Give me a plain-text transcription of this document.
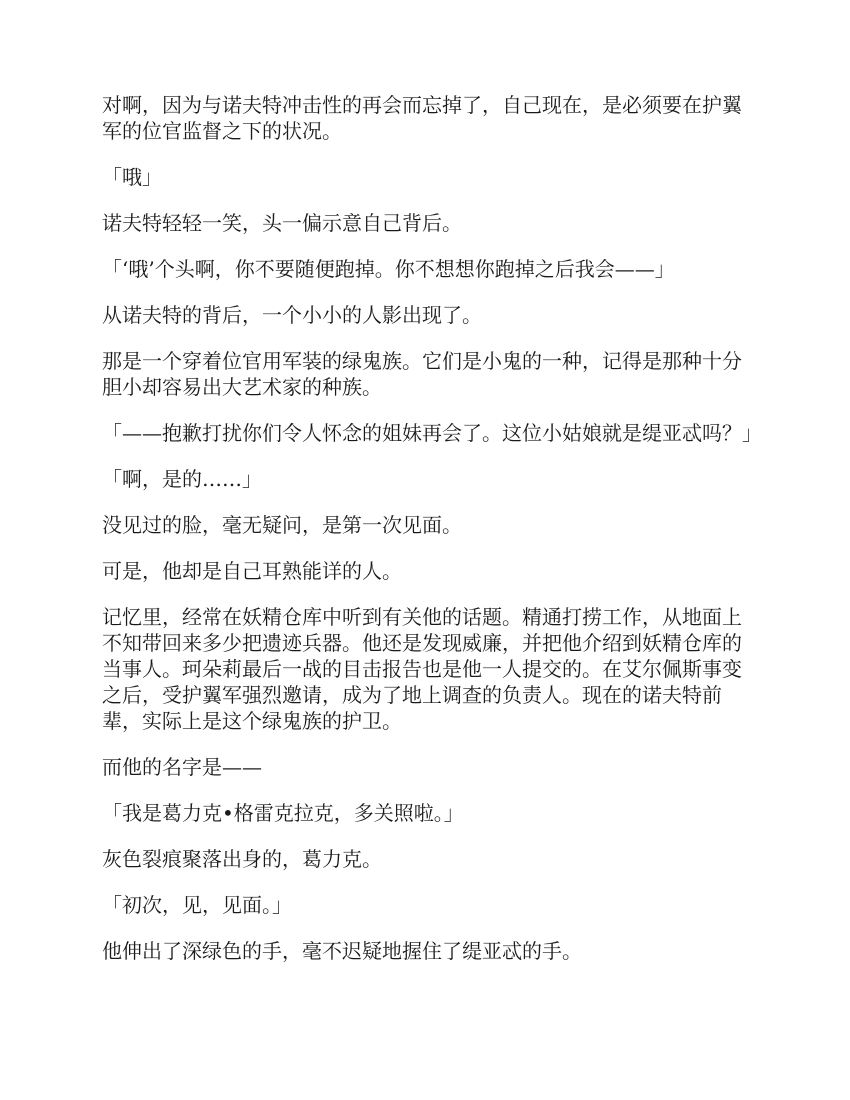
对啊，因为与诺夫特冲击性的再会而忘掉了，自己现在，是必须要在护翼军的位官监督之下的状况。

「哦」

诺夫特轻轻一笑，头一偏示意自己背后。

「‘哦’个头啊，你不要随便跑掉。你不想想你跑掉之后我会——」

从诺夫特的背后，一个小小的人影出现了。

那是一个穿着位官用军装的绿鬼族。它们是小鬼的一种，记得是那种十分胆小却容易出大艺术家的种族。

「——抱歉打扰你们令人怀念的姐妹再会了。这位小姑娘就是缇亚忒吗？」

「啊，是的……」

没见过的脸，毫无疑问，是第一次见面。

可是，他却是自己耳熟能详的人。

记忆里，经常在妖精仓库中听到有关他的话题。精通打捞工作，从地面上不知带回来多少把遗迹兵器。他还是发现威廉，并把他介绍到妖精仓库的当事人。珂朵莉最后一战的目击报告也是他一人提交的。在艾尔佩斯事变之后，受护翼军强烈邀请，成为了地上调查的负责人。现在的诺夫特前辈，实际上是这个绿鬼族的护卫。

而他的名字是——

「我是葛力克•格雷克拉克，多关照啦。」

灰色裂痕聚落出身的，葛力克。

「初次，见，见面。」

他伸出了深绿色的手，毫不迟疑地握住了缇亚忒的手。
